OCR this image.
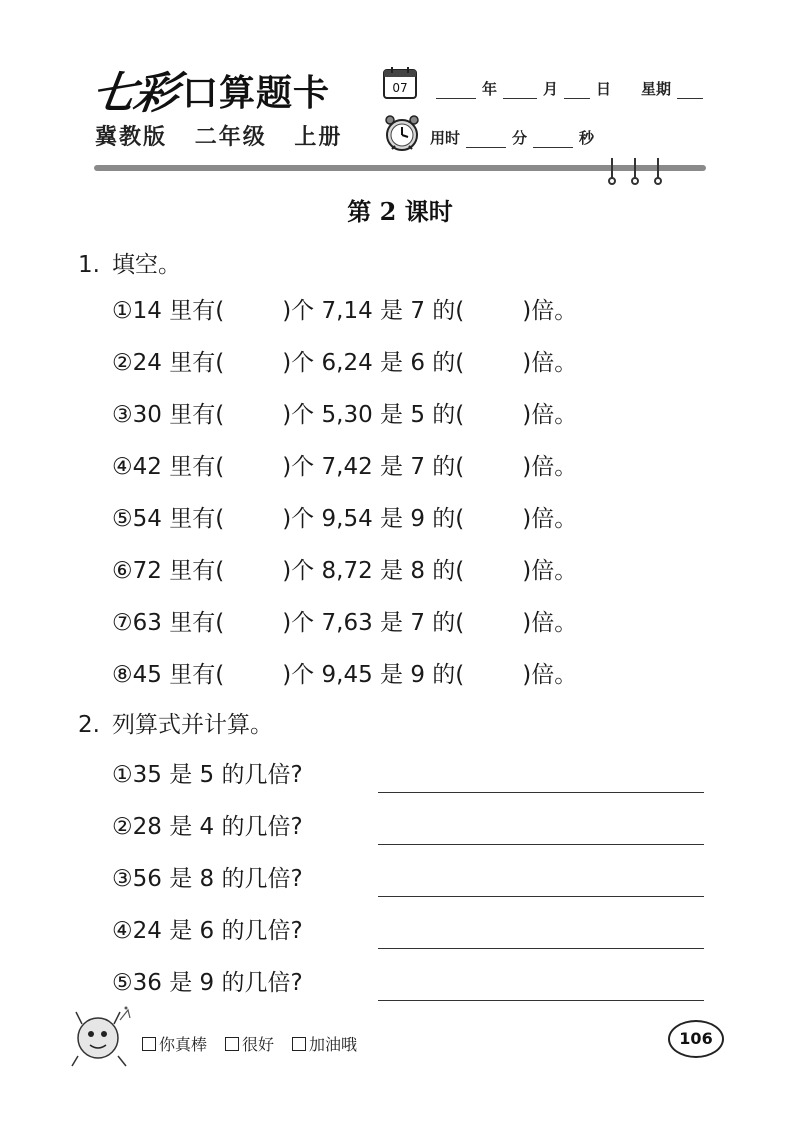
七彩 口算题卡
冀教版 二年级 上册
07	年	月	日 星期
用时	分	秒
第 2 课时
1. 填空。
①14 里有(	)个 7,14 是 7 的(	)倍。
②24 里有(	)个 6,24 是 6 的(	)倍。
③30 里有(	)个 5,30 是 5 的(	)倍。
④42 里有(	)个 7,42 是 7 的(	)倍。
⑤54 里有(	)个 9,54 是 9 的(	)倍。
⑥72 里有(	)个 8,72 是 8 的(	)倍。
⑦63 里有(	)个 7,63 是 7 的(	)倍。
⑧45 里有(	)个 9,45 是 9 的(	)倍。
2. 列算式并计算。
①35 是 5 的几倍?
②28 是 4 的几倍?
③56 是 8 的几倍?
④24 是 6 的几倍?
⑤36 是 9 的几倍?
你真棒 很好 加油哦	106
